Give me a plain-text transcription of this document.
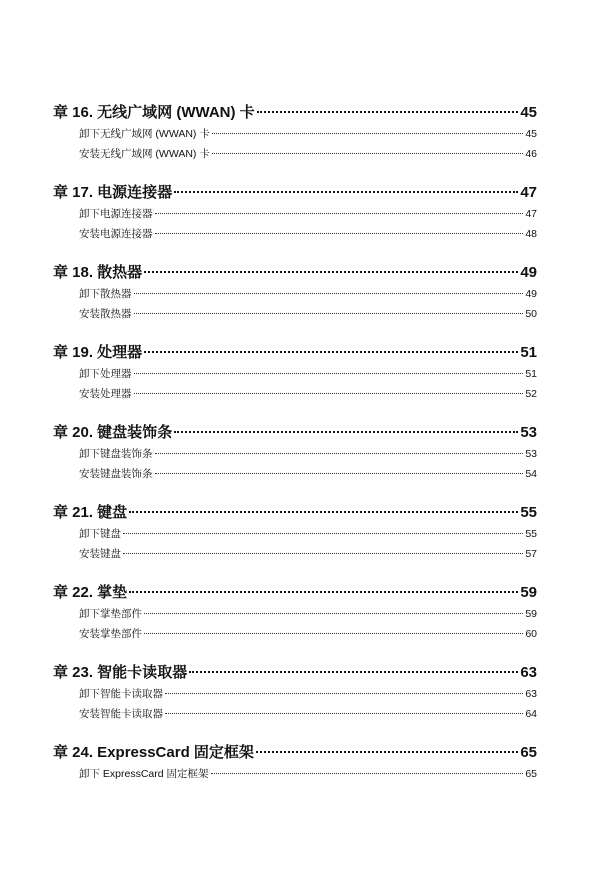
章 16. 无线广域网 (WWAN) 卡	45
卸下无线广域网 (WWAN) 卡	45
安装无线广域网 (WWAN) 卡	46
章 17. 电源连接器	47
卸下电源连接器	47
安装电源连接器	48
章 18. 散热器	49
卸下散热器	49
安装散热器	50
章 19. 处理器	51
卸下处理器	51
安装处理器	52
章 20. 键盘装饰条	53
卸下键盘装饰条	53
安装键盘装饰条	54
章 21. 键盘	55
卸下键盘	55
安装键盘	57
章 22. 掌垫	59
卸下掌垫部件	59
安装掌垫部件	60
章 23. 智能卡读取器	63
卸下智能卡读取器	63
安装智能卡读取器	64
章 24. ExpressCard 固定框架	65
卸下 ExpressCard 固定框架	65
